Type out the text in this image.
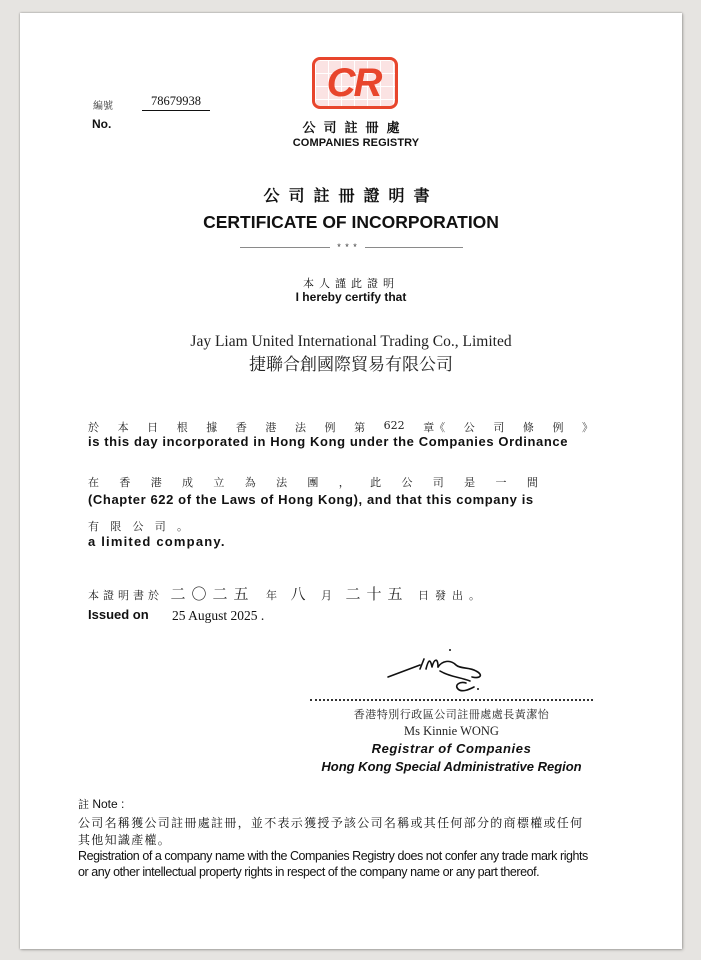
編號	78679938
No.
CR
公司註冊處
COMPANIES REGISTRY
公司註冊證明書
CERTIFICATE OF INCORPORATION
* * *
本人謹此證明
I hereby certify that
Jay Liam United International Trading Co., Limited
捷聯合創國際貿易有限公司
於 本 日 根 據 香 港 法 例 第 622 章《 公 司 條 例 》
is this day incorporated in Hong Kong under the Companies Ordinance
在 香 港 成 立 為 法 團 ， 此 公 司 是 一 間
(Chapter 622 of the Laws of Hong Kong), and that this company is
有 限 公 司 。
a limited company.
本證明書於 二〇二五 年 八 月 二十五 日發出。
Issued on 25 August 2025 .
香港特別行政區公司註冊處處長黃潔怡
Ms Kinnie WONG
Registrar of Companies
Hong Kong Special Administrative Region
註 Note :
公司名稱獲公司註冊處註冊，並不表示獲授予該公司名稱或其任何部分的商標權或任何
其他知識產權。
Registration of a company name with the Companies Registry does not confer any trade mark rights
or any other intellectual property rights in respect of the company name or any part thereof.
